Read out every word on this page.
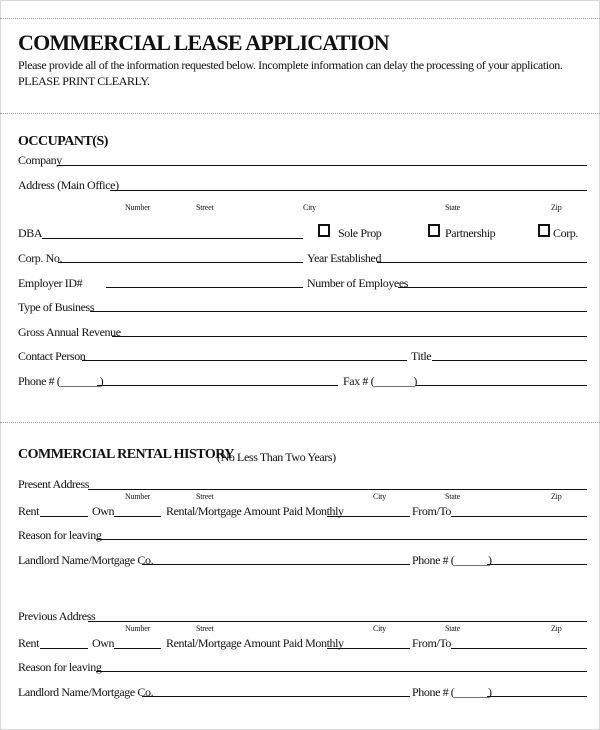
COMMERCIAL LEASE APPLICATION
Please provide all of the information requested below. Incomplete information can delay the processing of your application.
PLEASE PRINT CLEARLY.
OCCUPANT(S)
Company
Address (Main Office)
Number	Street	City	State	Zip
DBA	Sole Prop	Partnership	Corp.
Corp. No.	Year Established
Employer ID#	Number of Employees
Type of Business
Gross Annual Revenue
Contact Person	Title
Phone # (_______)	Fax # (_______)
COMMERCIAL RENTAL HISTORY
(No Less Than Two Years)
Present Address
Number	Street	City	State	Zip
Rent	Own	Rental/Mortgage Amount Paid Monthly	From/To
Reason for leaving
Landlord Name/Mortgage Co.	Phone # (______)
Previous Address
Number	Street	City	State	Zip
Rent	Own	Rental/Mortgage Amount Paid Monthly	From/To
Reason for leaving
Landlord Name/Mortgage Co.	Phone # (______)
